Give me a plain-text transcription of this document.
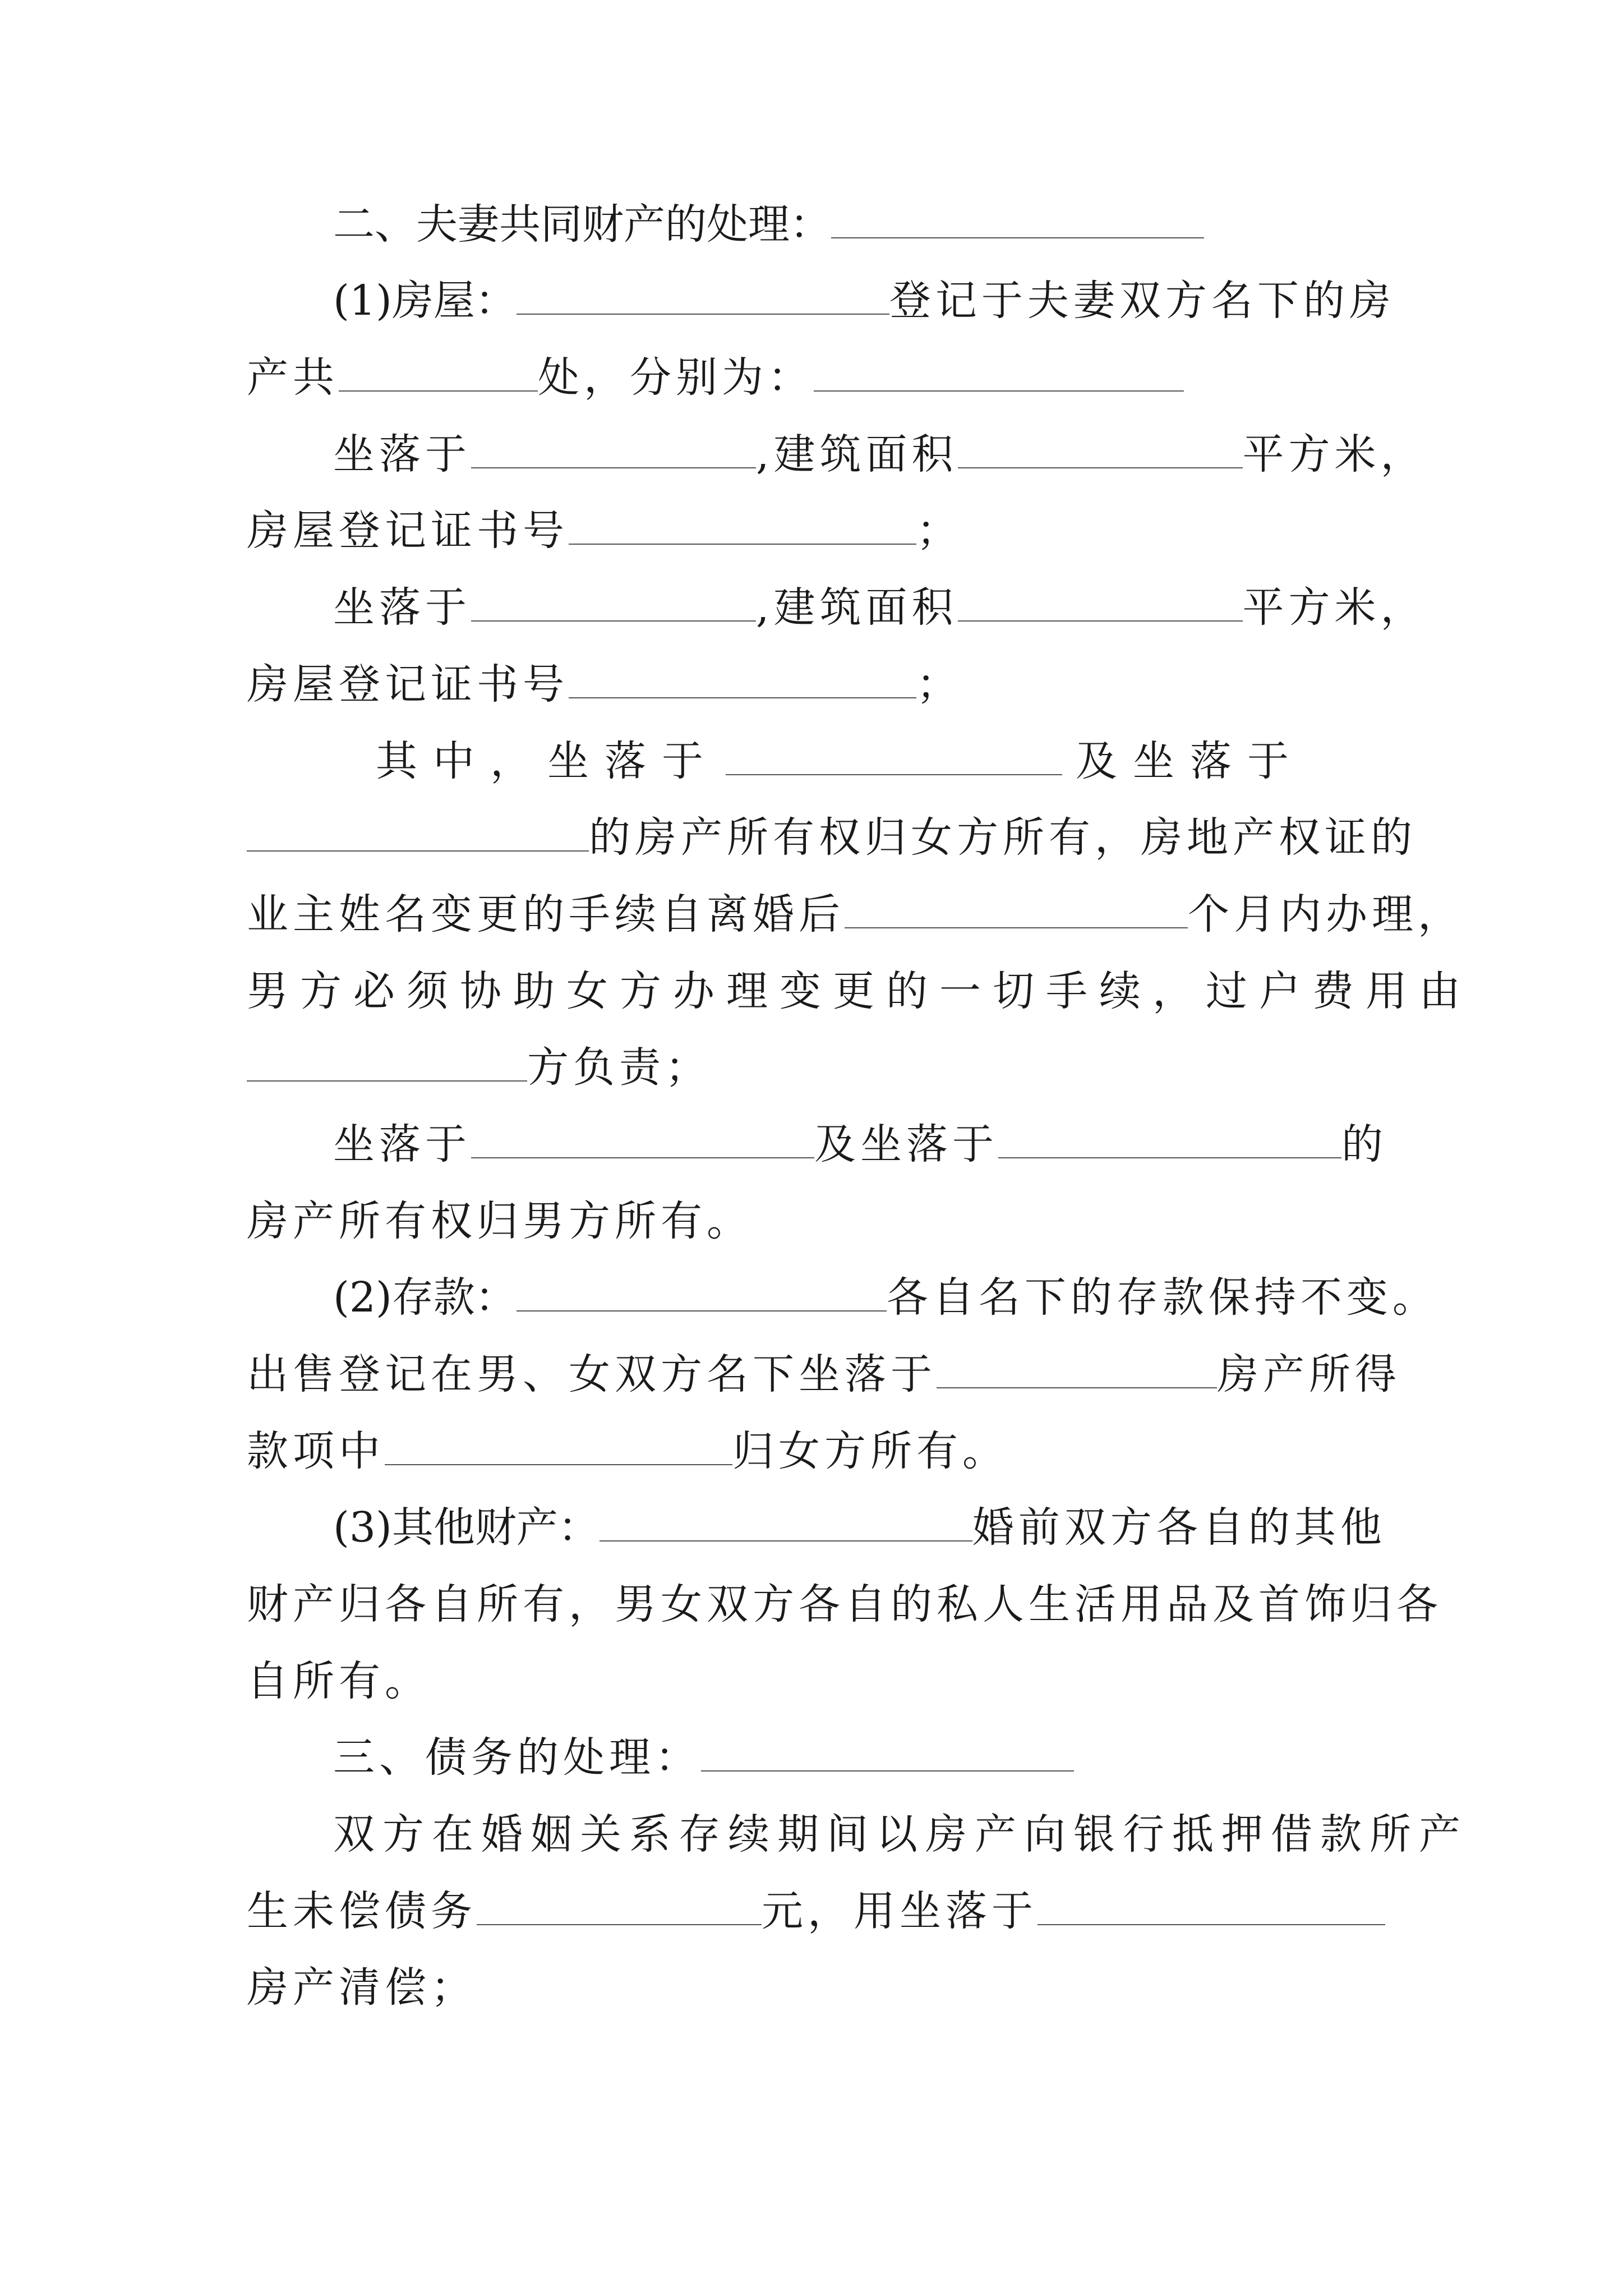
二、夫妻共同财产的处理：
(1)房屋：	登记于夫妻双方名下的房
产共	处，分别为：
坐落于	,建筑面积	平方米，
房屋登记证书号	；
坐落于	,建筑面积	平方米，
房屋登记证书号	；
其中，坐落于	及坐落于
的房产所有权归女方所有，房地产权证的
业主姓名变更的手续自离婚后	个月内办理，
男方必须协助女方办理变更的一切手续，过户费用由
方负责；
坐落于	及坐落于	的
房产所有权归男方所有。
(2)存款：	各自名下的存款保持不变。
出售登记在男、女双方名下坐落于	房产所得
款项中	归女方所有。
(3)其他财产：	婚前双方各自的其他
财产归各自所有，男女双方各自的私人生活用品及首饰归各
自所有。
三、债务的处理：
双方在婚姻关系存续期间以房产向银行抵押借款所产
生未偿债务	元，用坐落于
房产清偿；
